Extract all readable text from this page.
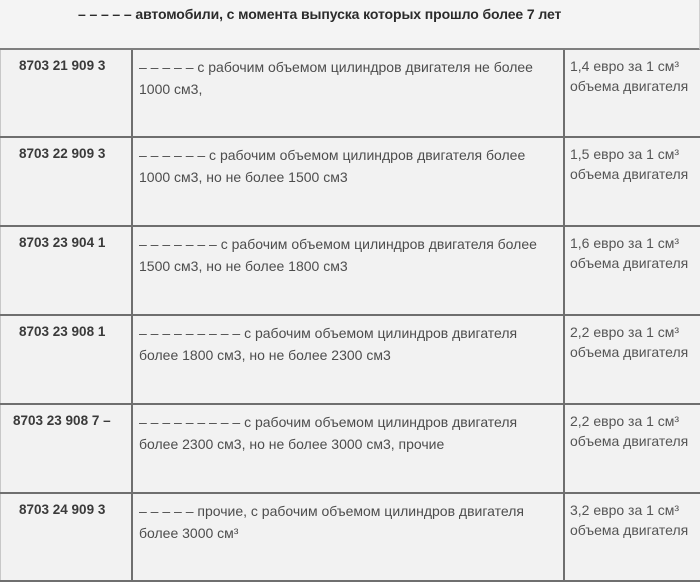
– – – – – автомобили, с момента выпуска которых прошло более 7 лет
8703 21 909 3	– – – – – с рабочим объемом цилиндров двигателя не более 1000 см3,	1,4 евро за 1 см³ объема двигателя

8703 22 909 3	– – – – – – с рабочим объемом цилиндров двигателя более 1000 см3, но не более 1500 см3	1,5 евро за 1 см³ объема двигателя

8703 23 904 1	– – – – – – – с рабочим объемом цилиндров двигателя более 1500 см3, но не более 1800 см3	1,6 евро за 1 см³ объема двигателя

8703 23 908 1	– – – – – – – – – с рабочим объемом цилиндров двигателя более 1800 см3, но не более 2300 см3	2,2 евро за 1 см³ объема двигателя

8703 23 908 7 –	– – – – – – – – – с рабочим объемом цилиндров двигателя более 2300 см3, но не более 3000 см3, прочие	2,2 евро за 1 см³ объема двигателя

8703 24 909 3	– – – – – прочие, с рабочим объемом цилиндров двигателя более 3000 см³	3,2 евро за 1 см³ объема двигателя
